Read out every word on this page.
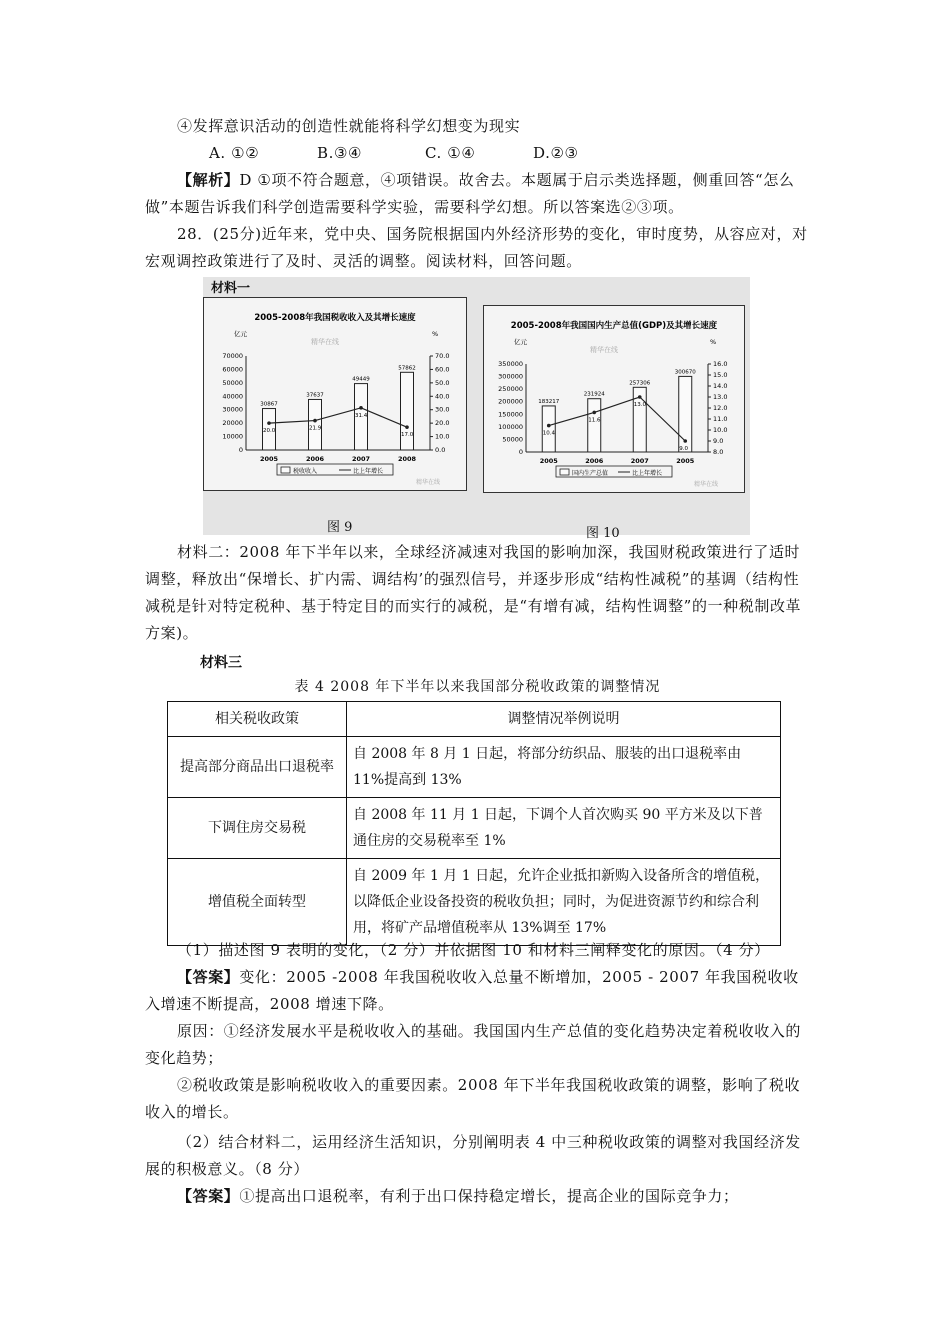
④发挥意识活动的创造性就能将科学幻想变为现实
A. ①②	B.③④	C. ①④	D.②③
【解析】D ①项不符合题意，④项错误。故舍去。本题属于启示类选择题，侧重回答“怎么做”本题告诉我们科学创造需要科学实验，需要科学幻想。所以答案选②③项。
28．(25分)近年来，党中央、国务院根据国内外经济形势的变化，审时度势，从容应对，对宏观调控政策进行了及时、灵活的调整。阅读材料，回答问题。
材料一
2005-2008年我国税收收入及其增长速度
亿元	%
精华在线
70000
60000
50000
40000
30000
20000
10000
0
70.0
60.0
50.0
40.0
30.0
20.0
10.0
0.0
30867
2005
37637
2006
49449
2007
57862
2008
20.0	21.9
31.4
17.0
税收收入	比上年增长
精华在线
2005-2008年我国国内生产总值(GDP)及其增长速度
亿元	%
精华在线
350000
300000
250000
200000
150000
100000
50000
0
16.0
15.0
14.0
13.0
12.0
11.0
10.0
9.0
8.0
183217
2005
231924
2006
257306
2007
300670
2005
10.4
11.6
13.0
9.0
国内生产总值	比上年增长
精华在线
图 9	图 10
材料二：2008 年下半年以来，全球经济减速对我国的影响加深，我国财税政策进行了适时调整，释放出“保增长、扩内需、调结构’的强烈信号，并逐步形成“结构性减税”的基调（结构性减税是针对特定税种、基于特定目的而实行的减税，是“有增有减，结构性调整”的一种税制改革方案)。
材料三
表 4 2008 年下半年以来我国部分税收政策的调整情况
相关税收政策	调整情况举例说明
提高部分商品出口退税率	自 2008 年 8 月 1 日起，将部分纺织品、服装的出口退税率由 11%提高到 13%
下调住房交易税	自 2008 年 11 月 1 日起，下调个人首次购买 90 平方米及以下普通住房的交易税率至 1%
增值税全面转型	自 2009 年 1 月 1 日起，允许企业抵扣新购入设备所含的增值税，以降低企业设备投资的税收负担；同时，为促进资源节约和综合利用，将矿产品增值税率从 13%调至 17%
（1）描述图 9 表明的变化，（2 分）并依据图 10 和材料三阐释变化的原因。（4 分）
【答案】变化：2005 -2008 年我国税收收入总量不断增加，2005 - 2007 年我国税收收入增速不断提高，2008 增速下降。
原因：①经济发展水平是税收收入的基础。我国国内生产总值的变化趋势决定着税收收入的变化趋势；
②税收政策是影响税收收入的重要因素。2008 年下半年我国税收政策的调整，影响了税收收入的增长。
（2）结合材料二，运用经济生活知识，分别阐明表 4 中三种税收政策的调整对我国经济发展的积极意义。（8 分）
【答案】①提高出口退税率，有利于出口保持稳定增长，提高企业的国际竞争力；
